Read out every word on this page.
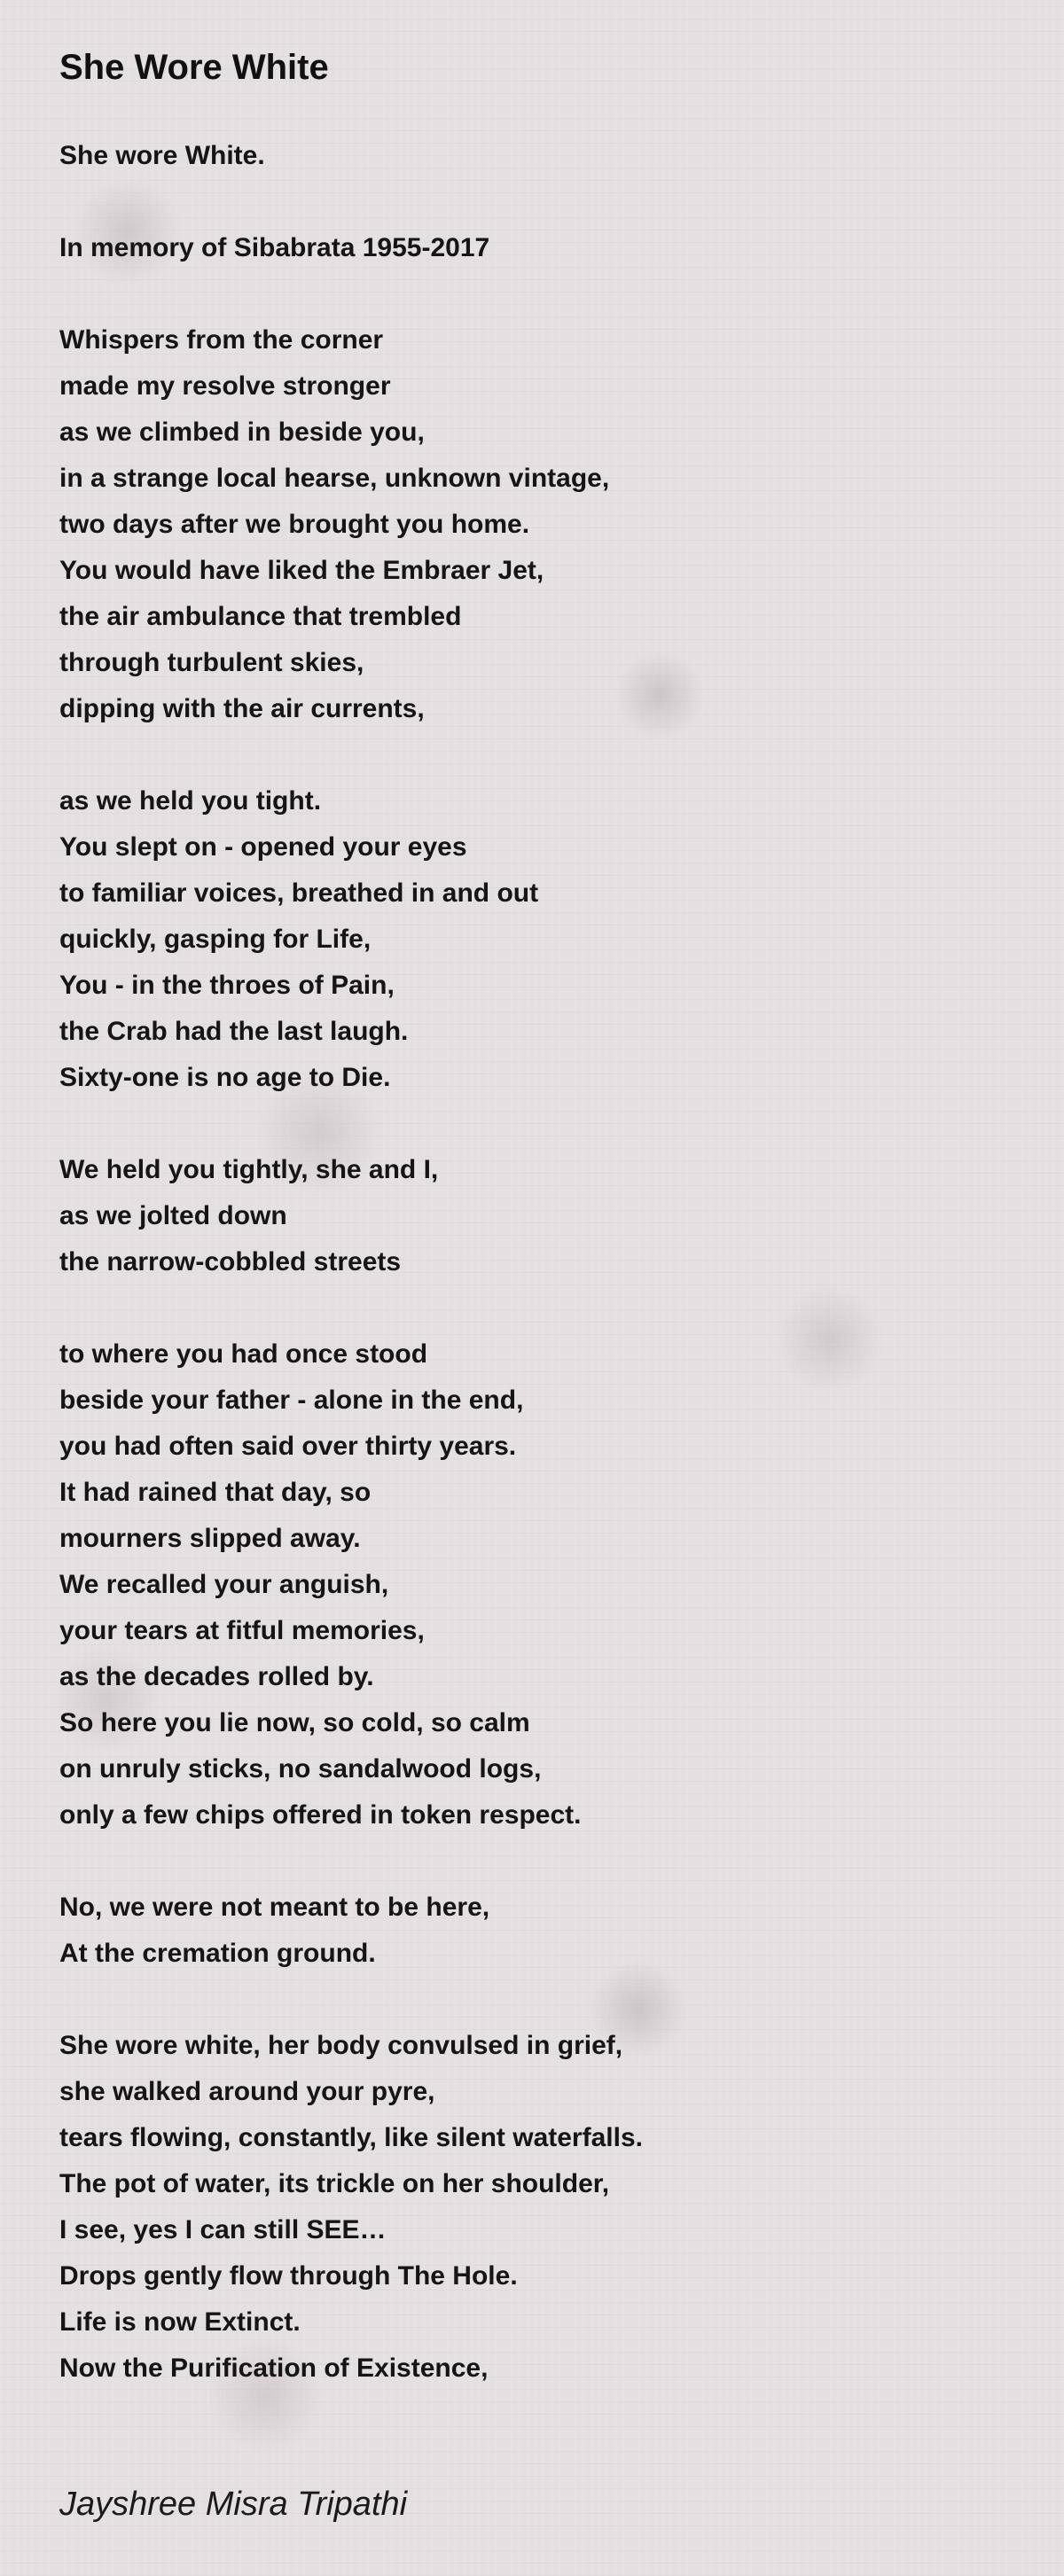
She Wore White
She wore White.
In memory of Sibabrata 1955-2017
Whispers from the corner
made my resolve stronger
as we climbed in beside you,
in a strange local hearse, unknown vintage,
two days after we brought you home.
You would have liked the Embraer Jet,
the air ambulance that trembled
through turbulent skies,
dipping with the air currents,
as we held you tight.
You slept on - opened your eyes
to familiar voices, breathed in and out
quickly, gasping for Life,
You - in the throes of Pain,
the Crab had the last laugh.
Sixty-one is no age to Die.
We held you tightly, she and I,
as we jolted down
the narrow-cobbled streets
to where you had once stood
beside your father - alone in the end,
you had often said over thirty years.
It had rained that day, so
mourners slipped away.
We recalled your anguish,
your tears at fitful memories,
as the decades rolled by.
So here you lie now, so cold, so calm
on unruly sticks, no sandalwood logs,
only a few chips offered in token respect.
No, we were not meant to be here,
At the cremation ground.
She wore white, her body convulsed in grief,
she walked around your pyre,
tears flowing, constantly, like silent waterfalls.
The pot of water, its trickle on her shoulder,
I see, yes I can still SEE…
Drops gently flow through The Hole.
Life is now Extinct.
Now the Purification of Existence,
Jayshree Misra Tripathi
